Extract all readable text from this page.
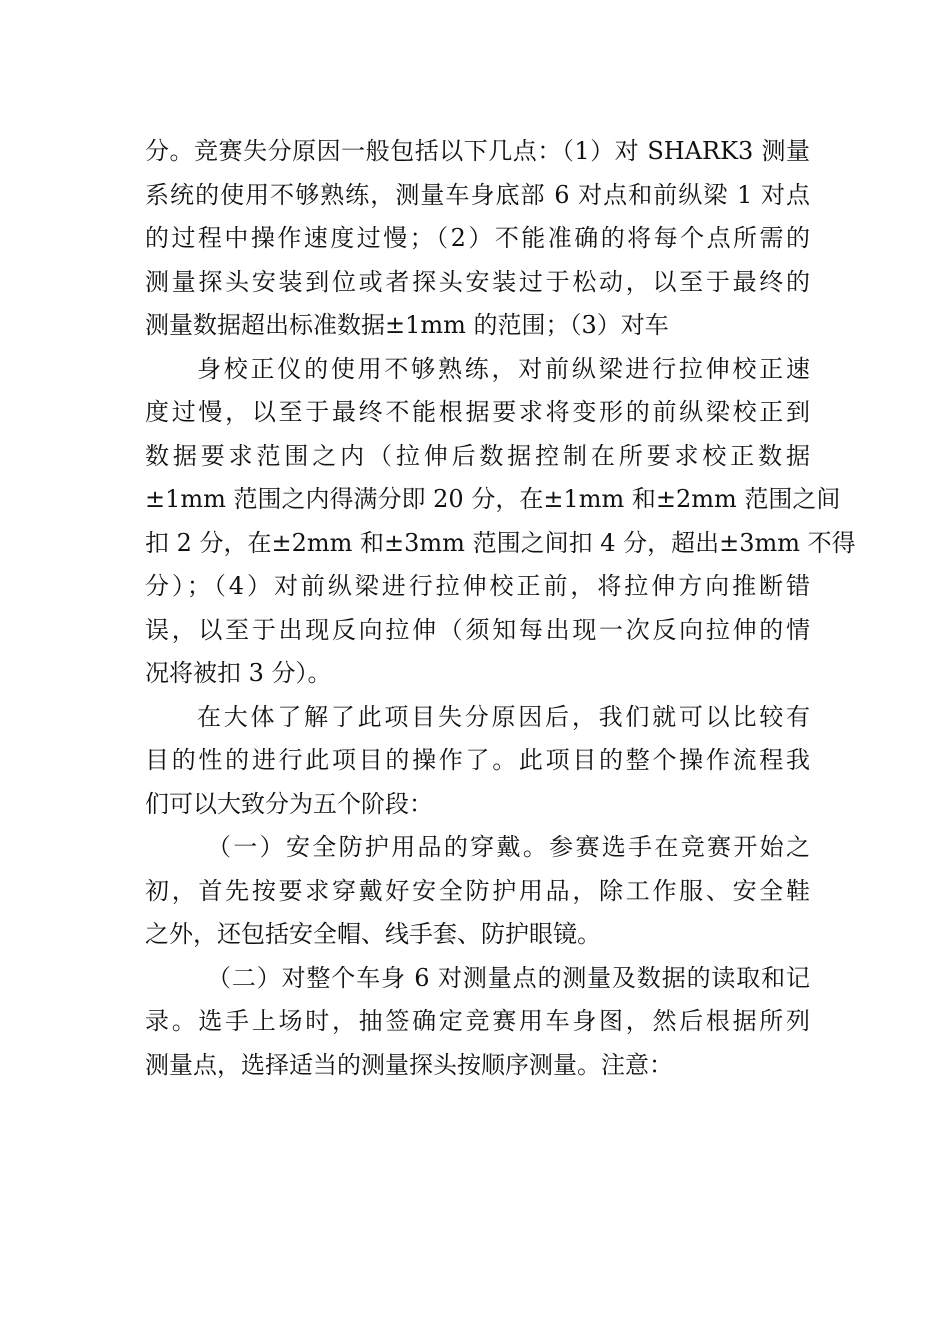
分。竞赛失分原因一般包括以下几点：（1）对 SHARK3 测量
系统的使用不够熟练，测量车身底部 6 对点和前纵梁 1 对点
的过程中操作速度过慢；（2）不能准确的将每个点所需的
测量探头安装到位或者探头安装过于松动，以至于最终的
测量数据超出标准数据±1mm 的范围；（3）对车
身校正仪的使用不够熟练，对前纵梁进行拉伸校正速
度过慢，以至于最终不能根据要求将变形的前纵梁校正到
数据要求范围之内（拉伸后数据控制在所要求校正数据
±1mm 范围之内得满分即 20 分，在±1mm 和±2mm 范围之间
扣 2 分，在±2mm 和±3mm 范围之间扣 4 分，超出±3mm 不得
分）；（4）对前纵梁进行拉伸校正前，将拉伸方向推断错
误，以至于出现反向拉伸（须知每出现一次反向拉伸的情
况将被扣 3 分）。
在大体了解了此项目失分原因后，我们就可以比较有
目的性的进行此项目的操作了。此项目的整个操作流程我
们可以大致分为五个阶段：
（一）安全防护用品的穿戴。参赛选手在竞赛开始之
初，首先按要求穿戴好安全防护用品，除工作服、安全鞋
之外，还包括安全帽、线手套、防护眼镜。
（二）对整个车身 6 对测量点的测量及数据的读取和记
录。选手上场时，抽签确定竞赛用车身图，然后根据所列
测量点，选择适当的测量探头按顺序测量。注意：
